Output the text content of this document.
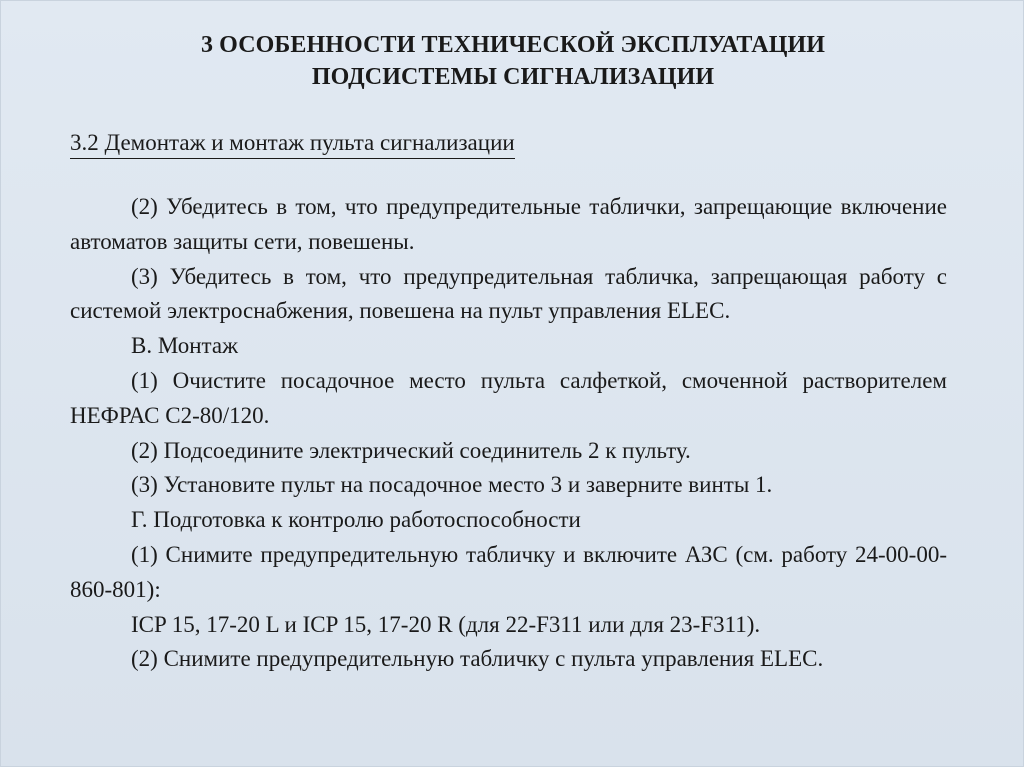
3 ОСОБЕННОСТИ ТЕХНИЧЕСКОЙ ЭКСПЛУАТАЦИИ
ПОДСИСТЕМЫ СИГНАЛИЗАЦИИ
3.2 Демонтаж и монтаж пульта сигнализации

(2) Убедитесь в том, что предупредительные таблички, запрещающие включение автоматов защиты сети, повешены.

(3) Убедитесь в том, что предупредительная табличка, запрещающая работу с системой электроснабжения, повешена на пульт управления ELEC.

В. Монтаж

(1) Очистите посадочное место пульта салфеткой, смоченной растворителем НЕФРАС С2-80/120.

(2) Подсоедините электрический соединитель 2 к пульту.

(3) Установите пульт на посадочное место 3 и заверните винты 1.

Г. Подготовка к контролю работоспособности

(1) Снимите предупредительную табличку и включите АЗС (см. работу 24-00-00-860-801):

ICP 15, 17-20 L и ICP 15, 17-20 R (для 22-F311 или для 23-F311).

(2) Снимите предупредительную табличку с пульта управления ELEC.
